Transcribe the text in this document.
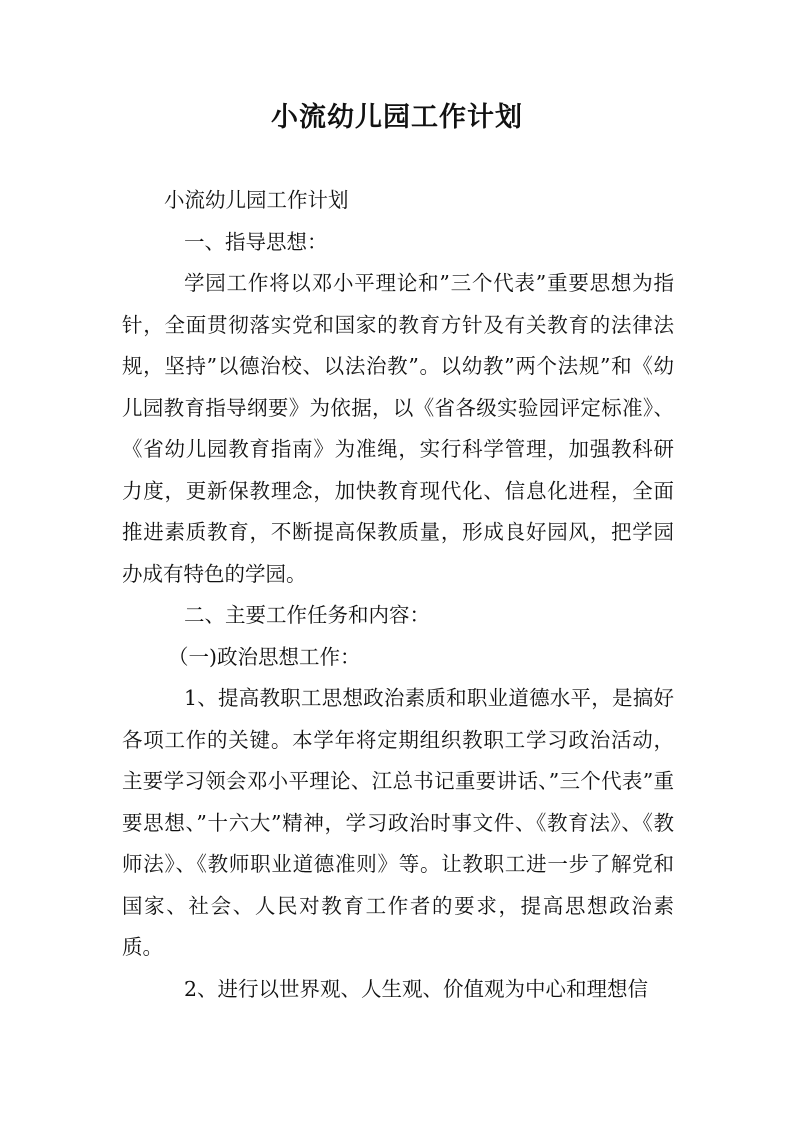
小流幼儿园工作计划

小流幼儿园工作计划

一、指导思想：

学园工作将以邓小平理论和”三个代表”重要思想为指针，全面贯彻落实党和国家的教育方针及有关教育的法律法规，坚持”以德治校、以法治教”。以幼教”两个法规”和《幼儿园教育指导纲要》为依据，以《省各级实验园评定标准》、《省幼儿园教育指南》为准绳，实行科学管理，加强教科研力度，更新保教理念，加快教育现代化、信息化进程，全面推进素质教育，不断提高保教质量，形成良好园风，把学园办成有特色的学园。

二、主要工作任务和内容：

（一)政治思想工作：

1、提高教职工思想政治素质和职业道德水平，是搞好各项工作的关键。本学年将定期组织教职工学习政治活动，主要学习领会邓小平理论、江总书记重要讲话、”三个代表”重要思想、”十六大”精神，学习政治时事文件、《教育法》、《教师法》、《教师职业道德准则》等。让教职工进一步了解党和国家、社会、人民对教育工作者的要求，提高思想政治素质。

2、进行以世界观、人生观、价值观为中心和理想信
